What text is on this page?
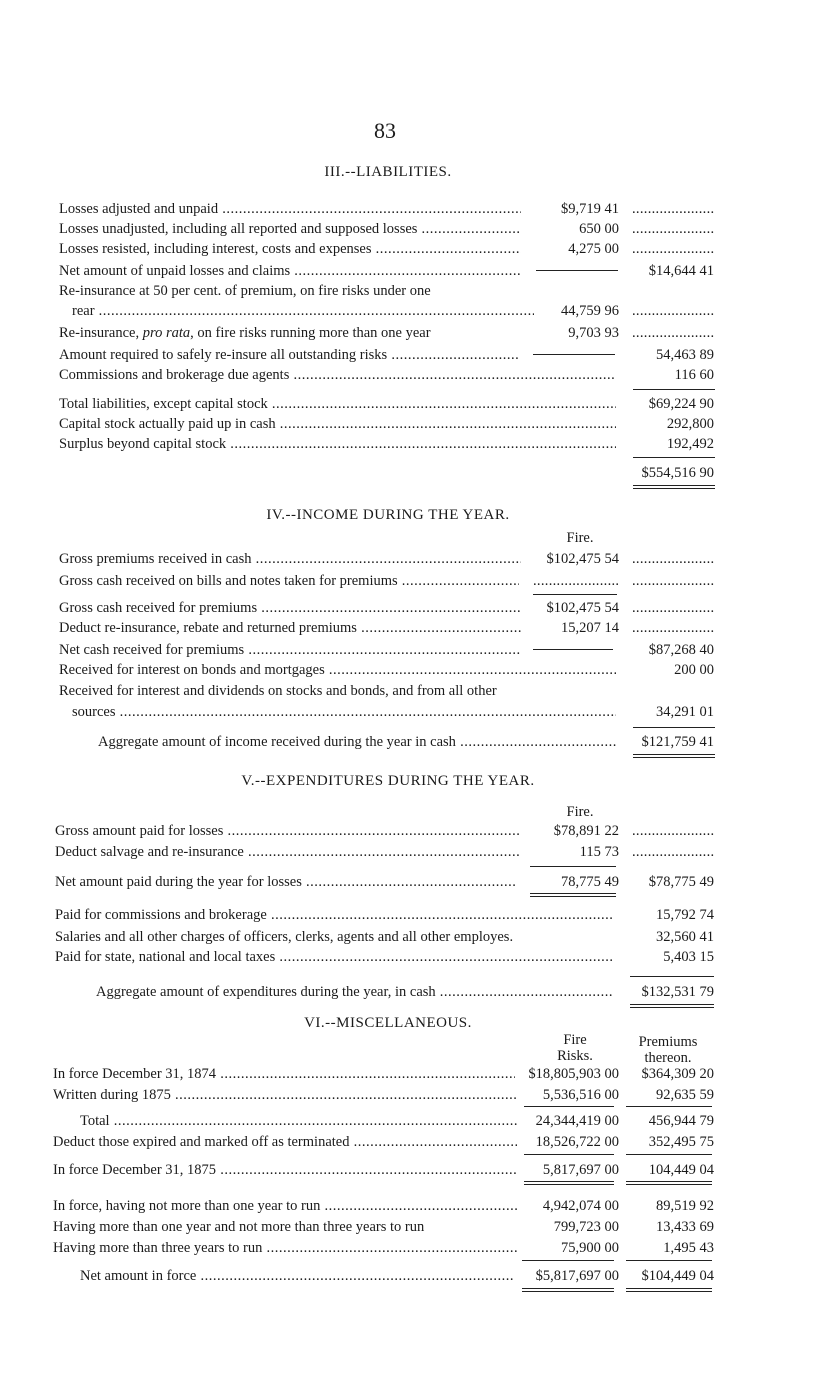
83
III.--LIABILITIES.
Losses adjusted and unpaid .....	$9,719 41
.....
Losses unadjusted, including all reported and supposed losses .....	650 00
.....
Losses resisted, including interest, costs and expenses .....	4,275 00
.....
Net amount of unpaid losses and claims .....	$14,644 41
Re-insurance at 50 per cent. of premium, on fire risks under one
rear .....	44,759 96
.....
Re-insurance, pro rata, on fire risks running more than one year	9,703 93
.....
Amount required to safely re-insure all outstanding risks .....	54,463 89
Commissions and brokerage due agents .....	116 60
Total liabilities, except capital stock .....	$69,224 90
Capital stock actually paid up in cash .....	292,800
Surplus beyond capital stock .....	192,492
$554,516 90
IV.--INCOME DURING THE YEAR.
Fire.
Gross premiums received in cash .....	$102,475 54
.....
Gross cash received on bills and notes taken for premiums .....
.....
.....
Gross cash received for premiums .....	$102,475 54
.....
Deduct re-insurance, rebate and returned premiums .....	15,207 14
.....
Net cash received for premiums .....	$87,268 40
Received for interest on bonds and mortgages .....	200 00
Received for interest and dividends on stocks and bonds, and from all other
sources .....	34,291 01
Aggregate amount of income received during the year in cash .....	$121,759 41
V.--EXPENDITURES DURING THE YEAR.
Fire.
Gross amount paid for losses .....	$78,891 22
.....
Deduct salvage and re-insurance .....	115 73
.....
Net amount paid during the year for losses .....	78,775 49 $78,775 49
Paid for commissions and brokerage .....	15,792 74
Salaries and all other charges of officers, clerks, agents and all other employes.	32,560 41
Paid for state, national and local taxes .....	5,403 15
Aggregate amount of expenditures during the year, in cash .....	$132,531 79
VI.--MISCELLANEOUS.
Fire
Risks.
Premiums
thereon.
In force December 31, 1874 .....	$18,805,903 00 $364,309 20
Written during 1875 .....	5,536,516 00	92,635 59
Total .....	24,344,419 00 456,944 79
Deduct those expired and marked off as terminated .....	18,526,722 00 352,495 75
In force December 31, 1875 .....	5,817,697 00 104,449 04
In force, having not more than one year to run .....	4,942,074 00	89,519 92
Having more than one year and not more than three years to run	799,723 00	13,433 69
Having more than three years to run .....	75,900 00	1,495 43
Net amount in force .....	$5,817,697 00 $104,449 04
